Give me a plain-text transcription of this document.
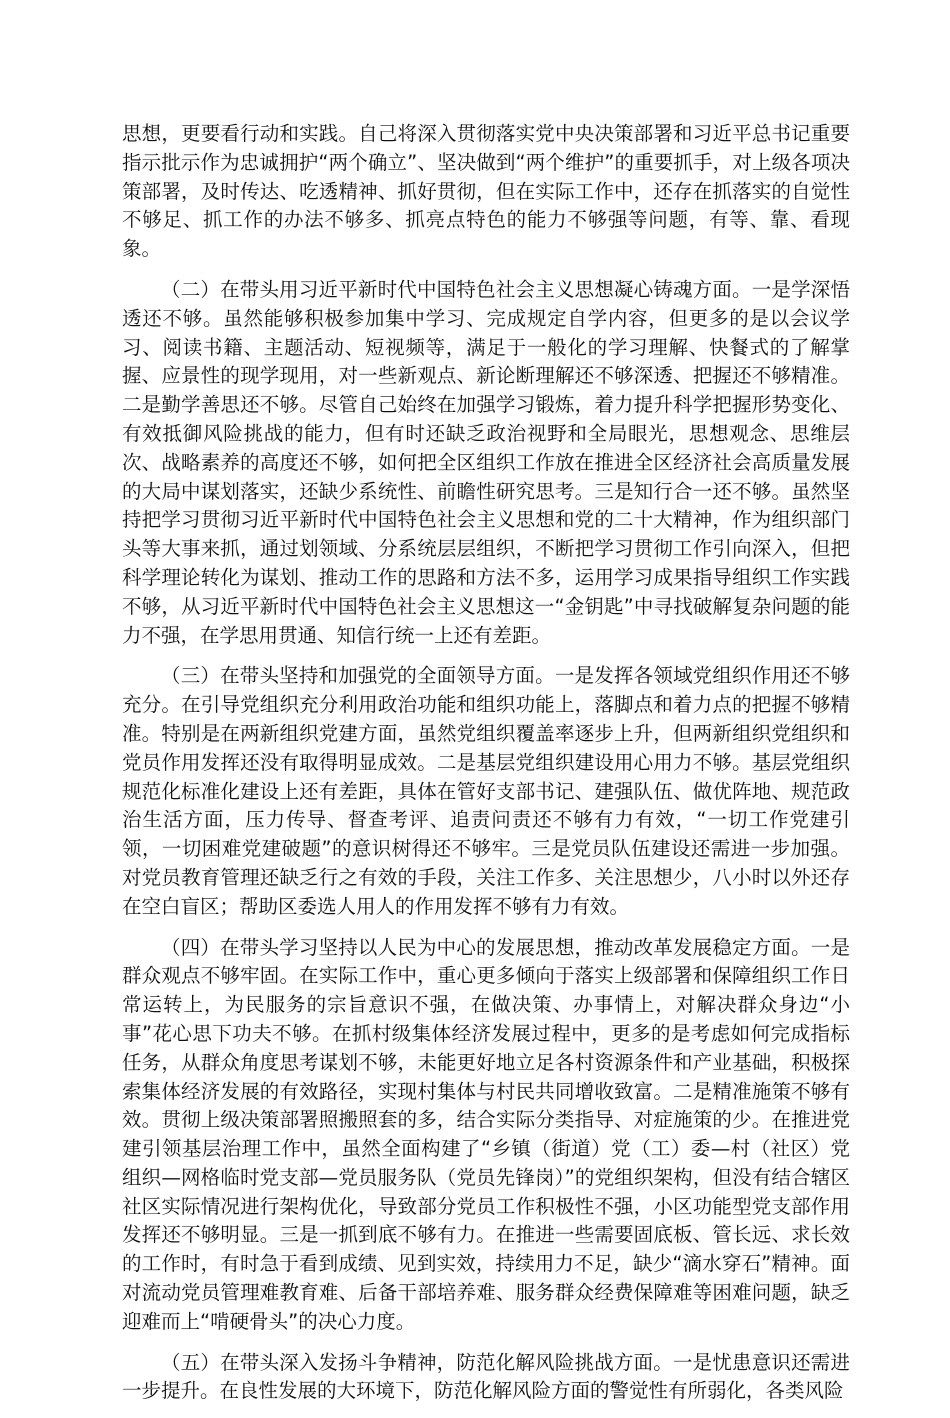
思想，更要看行动和实践。自己将深入贯彻落实党中央决策部署和习近平总书记重要指示批示作为忠诚拥护“两个确立”、坚决做到“两个维护”的重要抓手，对上级各项决策部署，及时传达、吃透精神、抓好贯彻，但在实际工作中，还存在抓落实的自觉性不够足、抓工作的办法不够多、抓亮点特色的能力不够强等问题，有等、靠、看现象。

（二）在带头用习近平新时代中国特色社会主义思想凝心铸魂方面。一是学深悟透还不够。虽然能够积极参加集中学习、完成规定自学内容，但更多的是以会议学习、阅读书籍、主题活动、短视频等，满足于一般化的学习理解、快餐式的了解掌握、应景性的现学现用，对一些新观点、新论断理解还不够深透、把握还不够精准。二是勤学善思还不够。尽管自己始终在加强学习锻炼，着力提升科学把握形势变化、有效抵御风险挑战的能力，但有时还缺乏政治视野和全局眼光，思想观念、思维层次、战略素养的高度还不够，如何把全区组织工作放在推进全区经济社会高质量发展的大局中谋划落实，还缺少系统性、前瞻性研究思考。三是知行合一还不够。虽然坚持把学习贯彻习近平新时代中国特色社会主义思想和党的二十大精神，作为组织部门头等大事来抓，通过划领域、分系统层层组织，不断把学习贯彻工作引向深入，但把科学理论转化为谋划、推动工作的思路和方法不多，运用学习成果指导组织工作实践不够，从习近平新时代中国特色社会主义思想这一“金钥匙”中寻找破解复杂问题的能力不强，在学思用贯通、知信行统一上还有差距。

（三）在带头坚持和加强党的全面领导方面。一是发挥各领域党组织作用还不够充分。在引导党组织充分利用政治功能和组织功能上，落脚点和着力点的把握不够精准。特别是在两新组织党建方面，虽然党组织覆盖率逐步上升，但两新组织党组织和党员作用发挥还没有取得明显成效。二是基层党组织建设用心用力不够。基层党组织规范化标准化建设上还有差距，具体在管好支部书记、建强队伍、做优阵地、规范政治生活方面，压力传导、督查考评、追责问责还不够有力有效，“一切工作党建引领，一切困难党建破题”的意识树得还不够牢。三是党员队伍建设还需进一步加强。对党员教育管理还缺乏行之有效的手段，关注工作多、关注思想少，八小时以外还存在空白盲区；帮助区委选人用人的作用发挥不够有力有效。

（四）在带头学习坚持以人民为中心的发展思想，推动改革发展稳定方面。一是群众观点不够牢固。在实际工作中，重心更多倾向于落实上级部署和保障组织工作日常运转上，为民服务的宗旨意识不强，在做决策、办事情上，对解决群众身边“小事”花心思下功夫不够。在抓村级集体经济发展过程中，更多的是考虑如何完成指标任务，从群众角度思考谋划不够，未能更好地立足各村资源条件和产业基础，积极探索集体经济发展的有效路径，实现村集体与村民共同增收致富。二是精准施策不够有效。贯彻上级决策部署照搬照套的多，结合实际分类指导、对症施策的少。在推进党建引领基层治理工作中，虽然全面构建了“乡镇（街道）党（工）委—村（社区）党组织—网格临时党支部—党员服务队（党员先锋岗）”的党组织架构，但没有结合辖区社区实际情况进行架构优化，导致部分党员工作积极性不强，小区功能型党支部作用发挥还不够明显。三是一抓到底不够有力。在推进一些需要固底板、管长远、求长效的工作时，有时急于看到成绩、见到实效，持续用力不足，缺少“滴水穿石”精神。面对流动党员管理难教育难、后备干部培养难、服务群众经费保障难等困难问题，缺乏迎难而上“啃硬骨头”的决心力度。

（五）在带头深入发扬斗争精神，防范化解风险挑战方面。一是忧患意识还需进一步提升。在良性发展的大环境下，防范化解风险方面的警觉性有所弱化，各类风险
